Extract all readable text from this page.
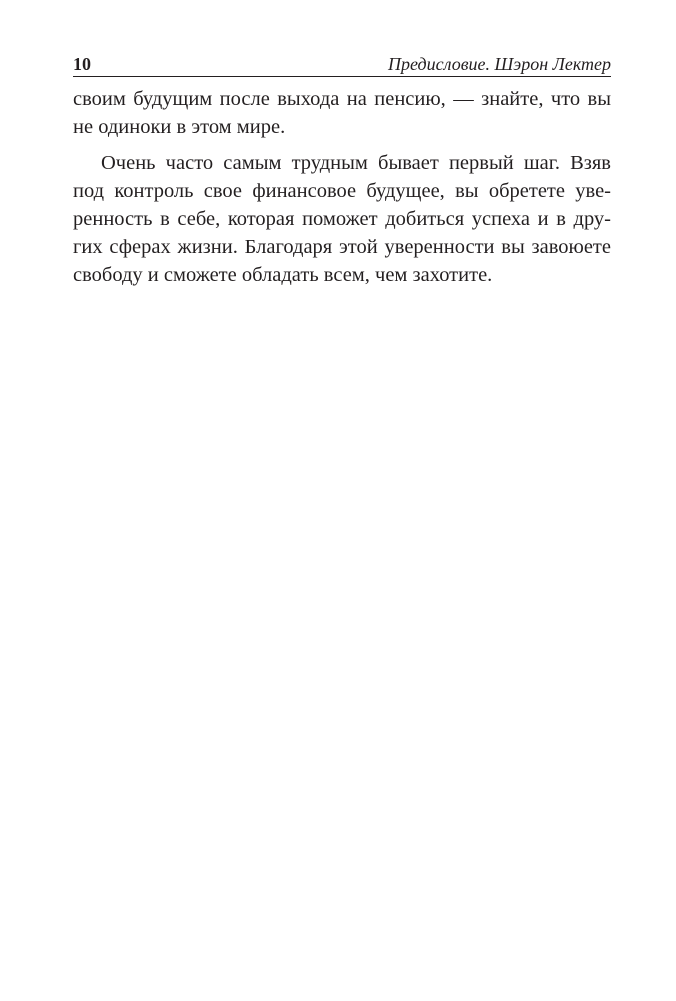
10	Предисловие. Шэрон Лектер
своим будущим после выхода на пенсию, — знайте, что вы
не одиноки в этом мире.
Очень часто самым трудным бывает первый шаг. Взяв
под контроль свое финансовое будущее, вы обретете уве-
ренность в себе, которая поможет добиться успеха и в дру-
гих сферах жизни. Благодаря этой уверенности вы завоюете
свободу и сможете обладать всем, чем захотите.
